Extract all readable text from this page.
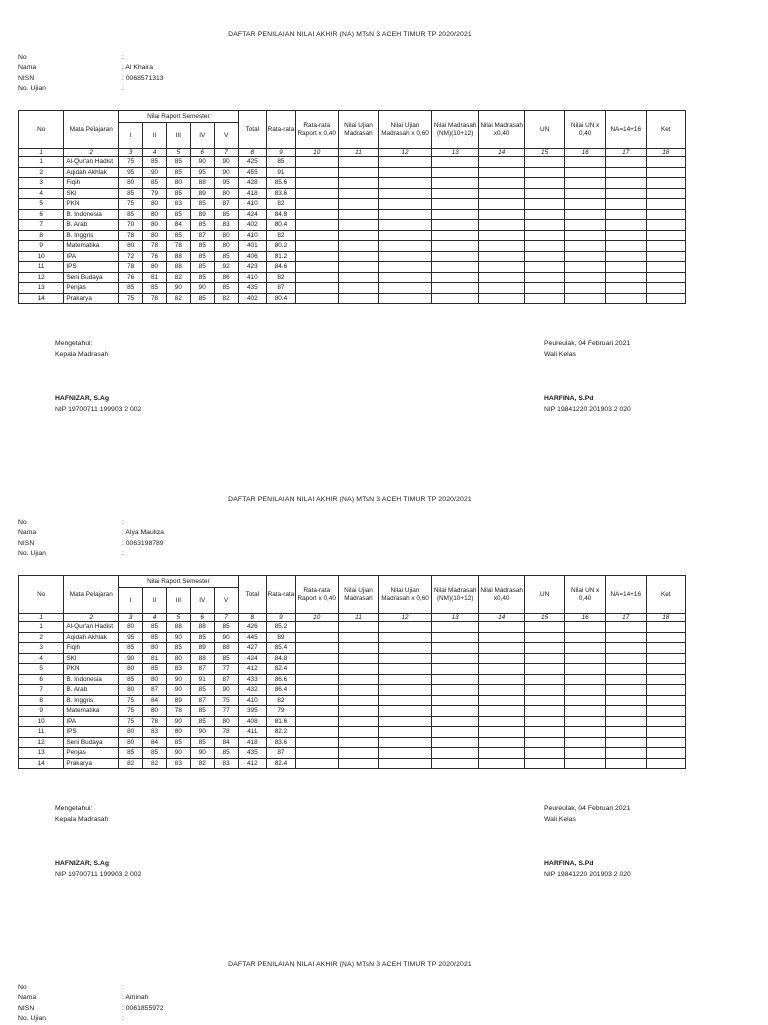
DAFTAR PENILAIAN NILAI AKHIR (NA) MTsN 3 ACEH TIMUR TP 2020/2021
No	:
Nama	: Al Khaira
NISN	: 0068571313
No. Ujian	:
No	Mata Pelajaran	Nilai Raport Semester					Total	Rata-rata	Rata-rata Raport x 0,40	Nilai Ujian Madrasah	Nilai Ujian Madrasah x 0,60	Nilai Madrasah (NM)(10+12)	Nilai Madrasah x0,40	UN	Nilai UN x 0,40	NA=14+16	Ket
		I	II	III	IV	V											
1	2	3	4	5	6	7	8	9	10	11	12	13	14	15	16	17	18
1	Al-Qur'an Hadist	75	85	85	90	90	425	85									
2	Aqidah Akhlak	95	90	85	95	90	455	91									
3	Fiqih	80	85	80	88	95	428	85.6									
4	SKI	85	79	85	89	80	418	83.6									
5	PKN	75	80	83	85	87	410	82									
6	B. Indonesia	85	80	85	89	85	424	84.8									
7	B. Arab	70	80	84	85	83	402	80.4									
8	B. Inggris	78	80	85	87	80	410	82									
9	Matematika	80	78	78	85	80	401	80.2									
10	IPA	72	76	88	85	85	406	81.2									
11	IPS	78	80	88	85	92	423	84.6									
12	Seni Budaya	76	81	82	85	86	410	82									
13	Penjas	85	85	90	90	85	435	87									
14	Prakarya	75	78	82	85	82	402	80.4									
Mengetahui:
Kepala Madrasah
HAFNIZAR, S.Ag
NIP 19700711 199903 2 002
Peureulak, 04 Februari 2021
Wali Kelas
HARFINA, S.Pd
NIP 19841220 201903 2 020
DAFTAR PENILAIAN NILAI AKHIR (NA) MTsN 3 ACEH TIMUR TP 2020/2021
No	:
Nama	: Alya Mauliza
NISN	: 0063198789
No. Ujian	:
No	Mata Pelajaran	Nilai Raport Semester					Total	Rata-rata	Rata-rata Raport x 0,40	Nilai Ujian Madrasah	Nilai Ujian Madrasah x 0,60	Nilai Madrasah (NM)(10+12)	Nilai Madrasah x0,40	UN	Nilai UN x 0,40	NA=14+16	Ket
		I	II	III	IV	V											
1	2	3	4	5	6	7	8	9	10	11	12	13	14	15	16	17	18
1	Al-Qur'an Hadist	80	85	88	88	85	426	85.2									
2	Aqidah Akhlak	95	85	90	85	90	445	89									
3	Fiqih	85	80	85	89	88	427	85.4									
4	SKI	90	81	80	88	85	424	84.8									
5	PKN	80	85	83	87	77	412	82.4									
6	B. Indonesia	85	80	90	91	87	433	86.6									
7	B. Arab	80	87	90	85	90	432	86.4									
8	B. Inggris	75	84	89	87	75	410	82									
9	Matematika	75	80	78	85	77	395	79									
10	IPA	75	78	90	85	80	408	81.6									
11	IPS	80	83	80	90	78	411	82.2									
12	Seni Budaya	80	84	85	85	84	418	83.6									
13	Penjas	85	85	90	90	85	435	87									
14	Prakarya	82	82	83	82	83	412	82.4									
Mengetahui:
Kepala Madrasah
HAFNIZAR, S.Ag
NIP 19700711 199903 2 002
Peureulak, 04 Februari 2021
Wali Kelas
HARFINA, S.Pd
NIP 19841220 201903 2 020
DAFTAR PENILAIAN NILAI AKHIR (NA) MTsN 3 ACEH TIMUR TP 2020/2021
No	:
Nama	: Aminah
NISN	: 0061855972
No. Ujian	:
